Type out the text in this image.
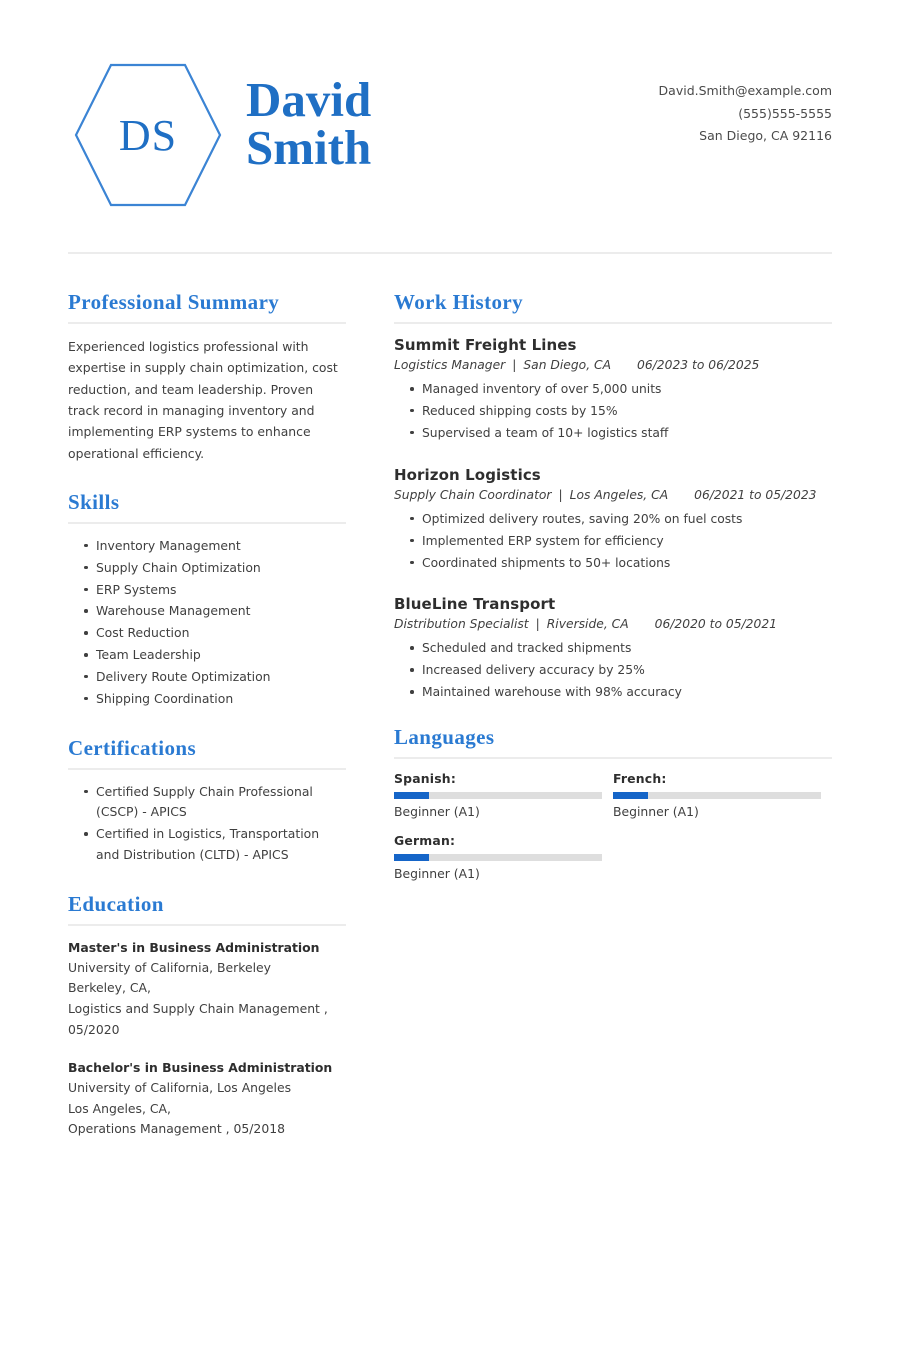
DS
David
Smith
David.Smith@example.com
(555)555-5555
San Diego, CA 92116
Professional Summary
Experienced logistics professional with expertise in supply chain optimization, cost reduction, and team leadership. Proven track record in managing inventory and implementing ERP systems to enhance operational efficiency.
Skills
Inventory Management
Supply Chain Optimization
ERP Systems
Warehouse Management
Cost Reduction
Team Leadership
Delivery Route Optimization
Shipping Coordination
Certifications
Certified Supply Chain Professional (CSCP) - APICS
Certified in Logistics, Transportation and Distribution (CLTD) - APICS
Education
Master's in Business Administration
University of California, Berkeley
Berkeley, CA,
Logistics and Supply Chain Management , 05/2020
Bachelor's in Business Administration
University of California, Los Angeles
Los Angeles, CA,
Operations Management , 05/2018
Work History
Summit Freight Lines
Logistics Manager | San Diego, CA 06/2023 to 06/2025
Managed inventory of over 5,000 units
Reduced shipping costs by 15%
Supervised a team of 10+ logistics staff
Horizon Logistics
Supply Chain Coordinator | Los Angeles, CA 06/2021 to 05/2023
Optimized delivery routes, saving 20% on fuel costs
Implemented ERP system for efficiency
Coordinated shipments to 50+ locations
BlueLine Transport
Distribution Specialist | Riverside, CA 06/2020 to 05/2021
Scheduled and tracked shipments
Increased delivery accuracy by 25%
Maintained warehouse with 98% accuracy
Languages
Spanish:
Beginner (A1)
French:
Beginner (A1)
German:
Beginner (A1)
